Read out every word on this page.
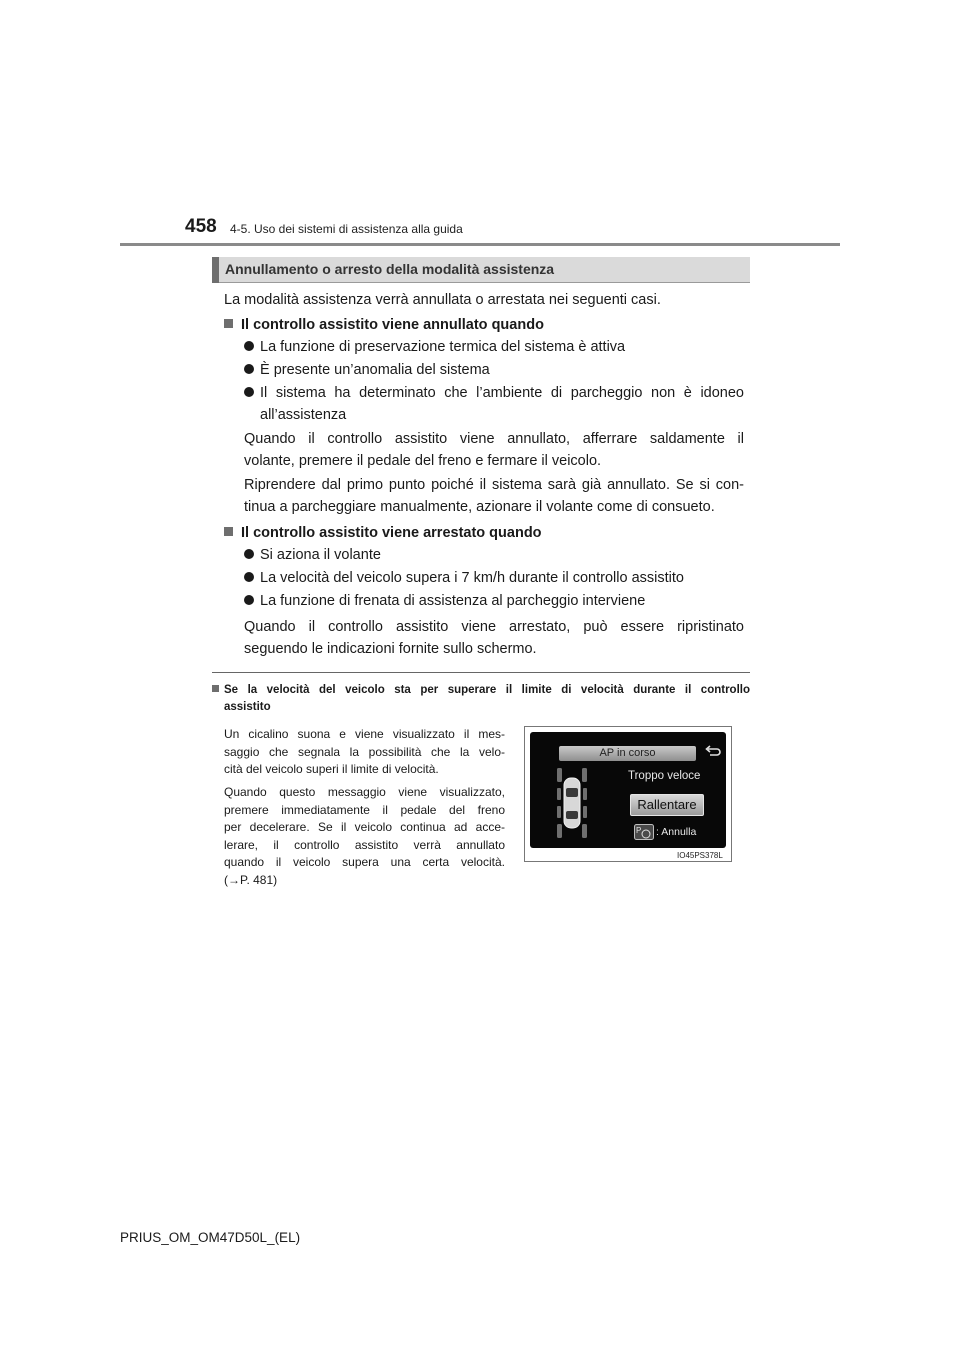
458 4-5. Uso dei sistemi di assistenza alla guida
Annullamento o arresto della modalità assistenza
La modalità assistenza verrà annullata o arrestata nei seguenti casi.
Il controllo assistito viene annullato quando
La funzione di preservazione termica del sistema è attiva
È presente un’anomalia del sistema
Il sistema ha determinato che l’ambiente di parcheggio non è idoneo
all’assistenza
Quando il controllo assistito viene annullato, afferrare saldamente il
volante, premere il pedale del freno e fermare il veicolo.
Riprendere dal primo punto poiché il sistema sarà già annullato. Se si con-
tinua a parcheggiare manualmente, azionare il volante come di consueto.
Il controllo assistito viene arrestato quando
Si aziona il volante
La velocità del veicolo supera i 7 km/h durante il controllo assistito
La funzione di frenata di assistenza al parcheggio interviene
Quando il controllo assistito viene arrestato, può essere ripristinato
seguendo le indicazioni fornite sullo schermo.
Se la velocità del veicolo sta per superare il limite di velocità durante il controllo
assistito
Un cicalino suona e viene visualizzato il mes-
saggio che segnala la possibilità che la velo-
cità del veicolo superi il limite di velocità.
Quando questo messaggio viene visualizzato,
premere immediatamente il pedale del freno
per decelerare. Se il veicolo continua ad acce-
lerare, il controllo assistito verrà annullato
quando il veicolo supera una certa velocità.
(→P. 481)
AP in corso
Troppo veloce
Rallentare
P : Annulla
IO45PS378L
PRIUS_OM_OM47D50L_(EL)
